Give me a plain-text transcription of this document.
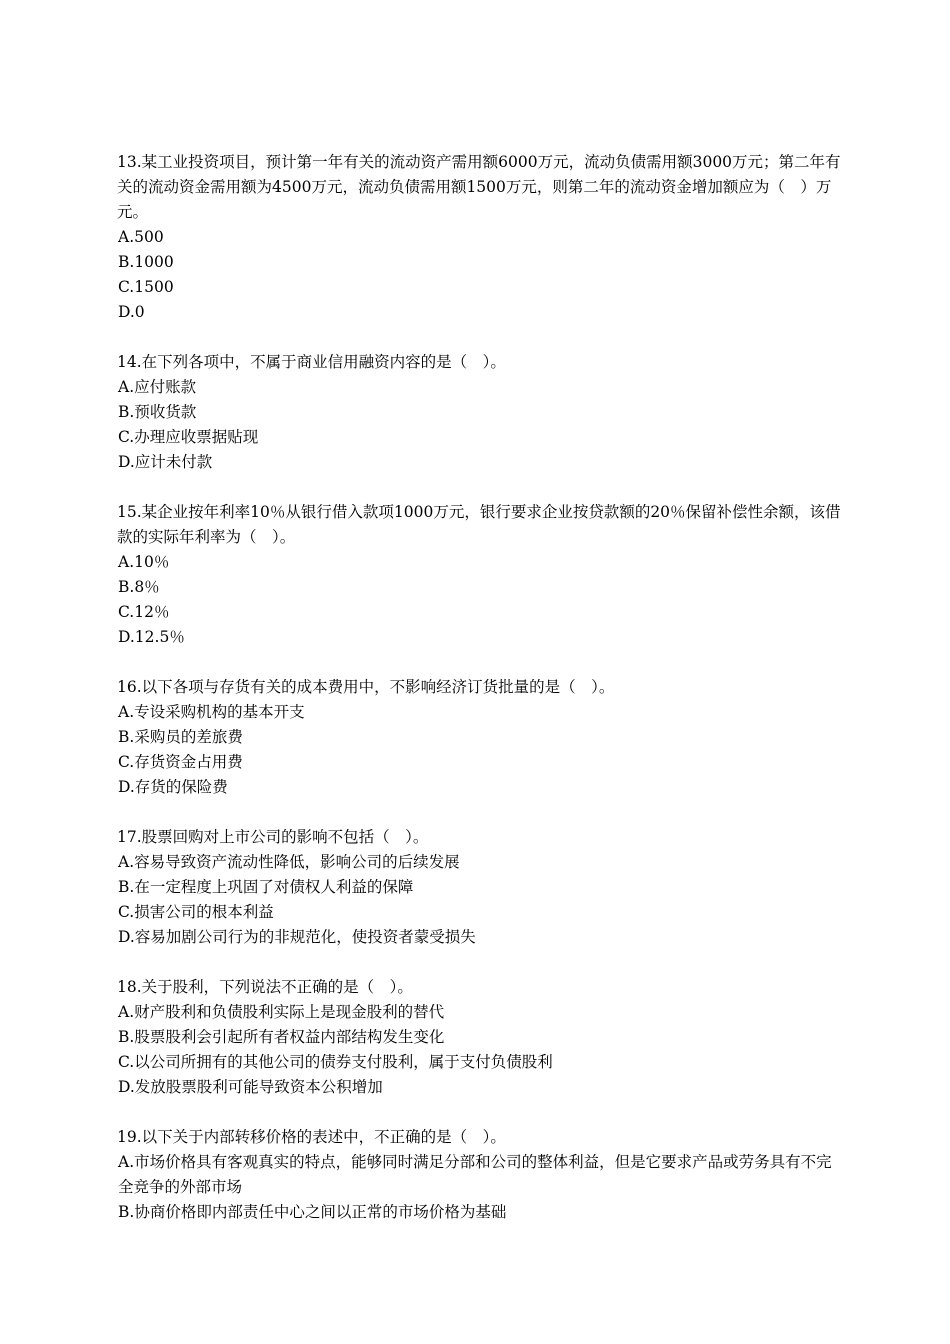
13.某工业投资项目，预计第一年有关的流动资产需用额6000万元，流动负债需用额3000万元；第二年有关的流动资金需用额为4500万元，流动负债需用额1500万元，则第二年的流动资金增加额应为（　）万元。

A.500

B.1000

C.1500

D.0

14.在下列各项中，不属于商业信用融资内容的是（　）。

A.应付账款

B.预收货款

C.办理应收票据贴现

D.应计未付款

15.某企业按年利率10％从银行借入款项1000万元，银行要求企业按贷款额的20％保留补偿性余额，该借款的实际年利率为（　）。

A.10％

B.8％

C.12％

D.12.5％

16.以下各项与存货有关的成本费用中，不影响经济订货批量的是（　）。

A.专设采购机构的基本开支

B.采购员的差旅费

C.存货资金占用费

D.存货的保险费

17.股票回购对上市公司的影响不包括（　）。

A.容易导致资产流动性降低，影响公司的后续发展

B.在一定程度上巩固了对债权人利益的保障

C.损害公司的根本利益

D.容易加剧公司行为的非规范化，使投资者蒙受损失

18.关于股利，下列说法不正确的是（　）。

A.财产股利和负债股利实际上是现金股利的替代

B.股票股利会引起所有者权益内部结构发生变化

C.以公司所拥有的其他公司的债券支付股利，属于支付负债股利

D.发放股票股利可能导致资本公积增加

19.以下关于内部转移价格的表述中，不正确的是（　）。

A.市场价格具有客观真实的特点，能够同时满足分部和公司的整体利益，但是它要求产品或劳务具有不完全竞争的外部市场

B.协商价格即内部责任中心之间以正常的市场价格为基础
